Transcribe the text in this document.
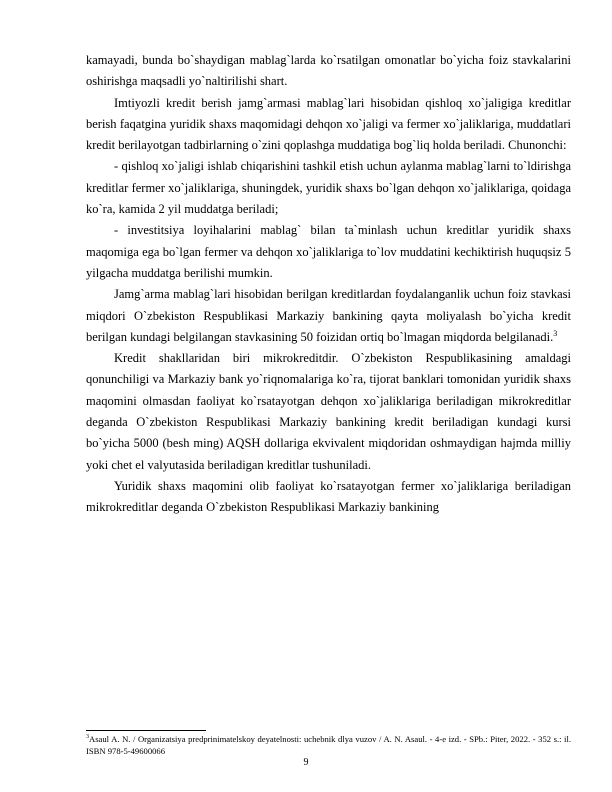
kamayadi, bunda bo`shaydigan mablag`larda ko`rsatilgan omonatlar bo`yicha foiz stavkalarini oshirishga maqsadli yo`naltirilishi shart.

Imtiyozli kredit berish jamg`armasi mablag`lari hisobidan qishloq xo`jaligiga kreditlar berish faqatgina yuridik shaxs maqomidagi dehqon xo`jaligi va fermer xo`jaliklariga, muddatlari kredit berilayotgan tadbirlarning o`zini qoplashga muddatiga bog`liq holda beriladi. Chunonchi:

- qishloq xo`jaligi ishlab chiqarishini tashkil etish uchun aylanma mablag`larni to`ldirishga kreditlar fermer xo`jaliklariga, shuningdek, yuridik shaxs bo`lgan dehqon xo`jaliklariga, qoidaga ko`ra, kamida 2 yil muddatga beriladi;

- investitsiya loyihalarini mablag` bilan ta`minlash uchun kreditlar yuridik shaxs maqomiga ega bo`lgan fermer va dehqon xo`jaliklariga to`lov muddatini kechiktirish huquqsiz 5 yilgacha muddatga berilishi mumkin.

Jamg`arma mablag`lari hisobidan berilgan kreditlardan foydalanganlik uchun foiz stavkasi miqdori O`zbekiston Respublikasi Markaziy bankining qayta moliyalash bo`yicha kredit berilgan kundagi belgilangan stavkasining 50 foizidan ortiq bo`lmagan miqdorda belgilanadi.$^3$

Kredit shakllaridan biri mikrokreditdir. O`zbekiston Respublikasining amaldagi qonunchiligi va Markaziy bank yo`riqnomalariga ko`ra, tijorat banklari tomonidan yuridik shaxs maqomini olmasdan faoliyat ko`rsatayotgan dehqon xo`jaliklariga beriladigan mikrokreditlar deganda O`zbekiston Respublikasi Markaziy bankining kredit beriladigan kundagi kursi bo`yicha 5000 (besh ming) AQSH dollariga ekvivalent miqdoridan oshmaydigan hajmda milliy yoki chet el valyutasida beriladigan kreditlar tushuniladi.

Yuridik shaxs maqomini olib faoliyat ko`rsatayotgan fermer xo`jaliklariga beriladigan mikrokreditlar deganda O`zbekiston Respublikasi Markaziy bankining

$^3$Asaul A. N. / Organizatsiya predprinimatelskoy deyatelnosti: uchebnik dlya vuzov / A. N. Asaul. - 4-e izd. - SPb.: Piter, 2022. - 352 s.: il. ISBN 978-5-49600066
9
